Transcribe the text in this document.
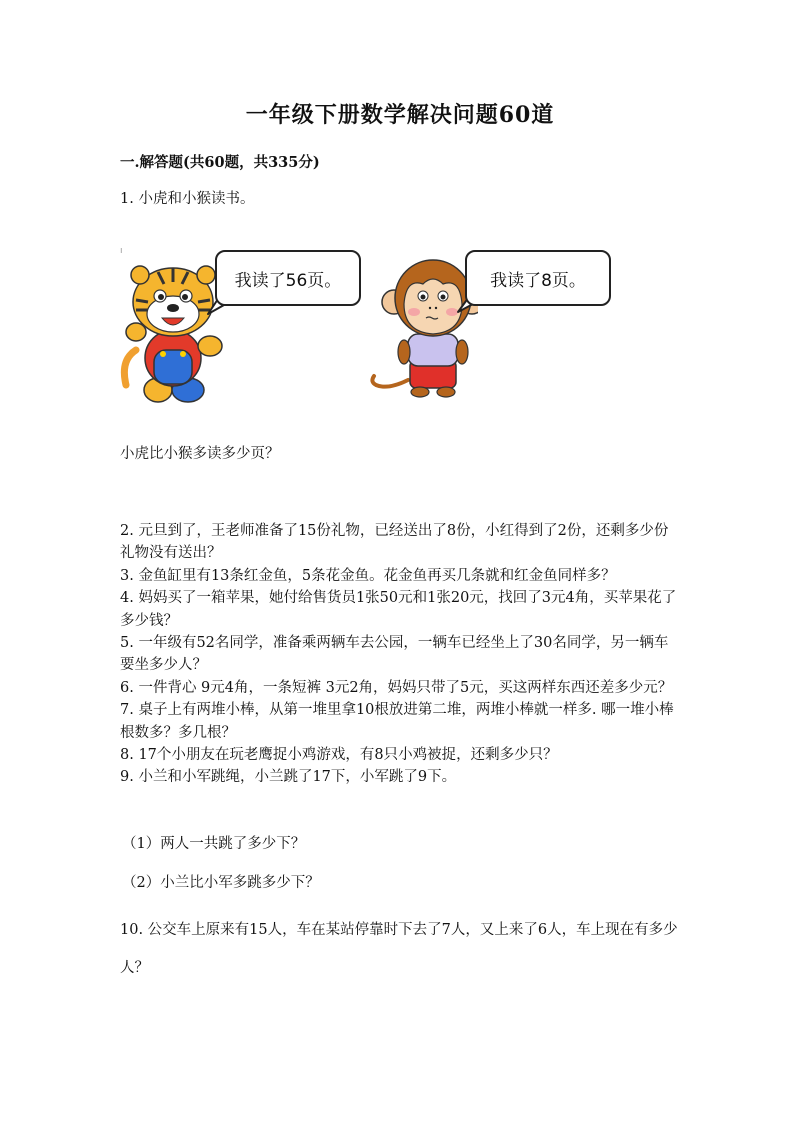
一年级下册数学解决问题60道
一.解答题(共60题，共335分)
1. 小虎和小猴读书。
ı
我读了56页。	我读了8页。
小虎比小猴多读多少页？
2. 元旦到了，王老师准备了15份礼物，已经送出了8份，小红得到了2份，还剩多少份礼物没有送出？
3. 金鱼缸里有13条红金鱼，5条花金鱼。花金鱼再买几条就和红金鱼同样多？
4. 妈妈买了一箱苹果，她付给售货员1张50元和1张20元，找回了3元4角，买苹果花了多少钱？
5. 一年级有52名同学，准备乘两辆车去公园，一辆车已经坐上了30名同学，另一辆车要坐多少人？
6. 一件背心 9元4角，一条短裤 3元2角，妈妈只带了5元，买这两样东西还差多少元？
7. 桌子上有两堆小棒，从第一堆里拿10根放进第二堆，两堆小棒就一样多. 哪一堆小棒根数多？多几根？
8. 17个小朋友在玩老鹰捉小鸡游戏，有8只小鸡被捉，还剩多少只？
9. 小兰和小军跳绳，小兰跳了17下，小军跳了9下。
（1）两人一共跳了多少下？
（2）小兰比小军多跳多少下？
10. 公交车上原来有15人，车在某站停靠时下去了7人，又上来了6人，车上现在有多少人？
